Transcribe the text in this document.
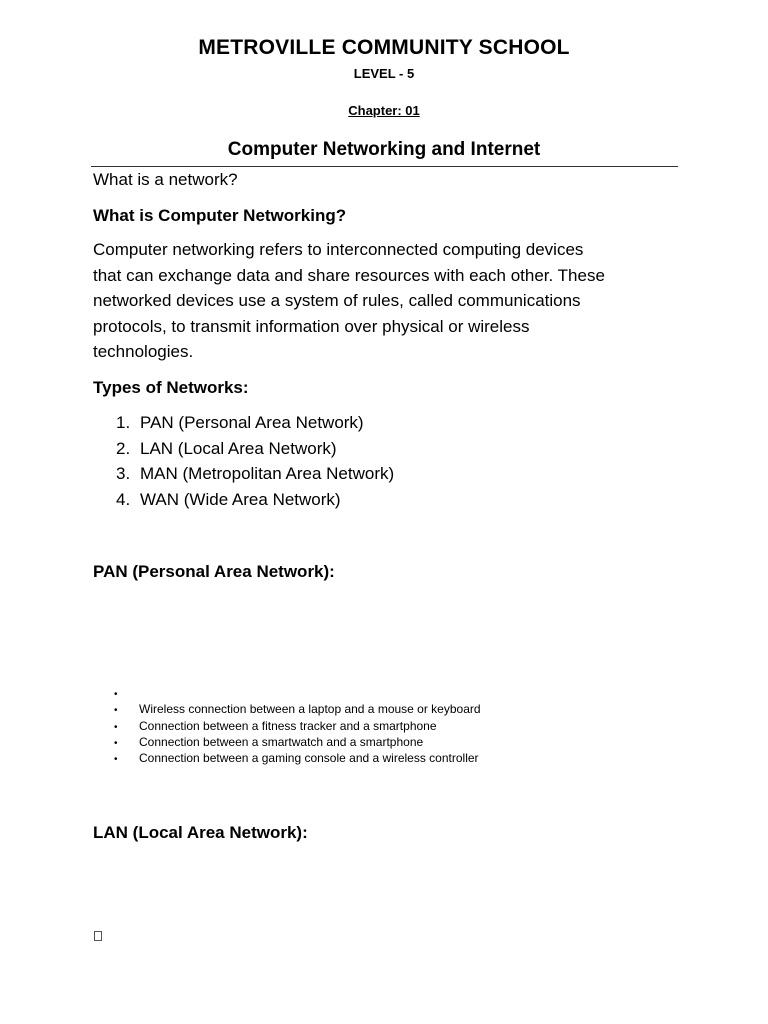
METROVILLE COMMUNITY SCHOOL
LEVEL - 5
Chapter: 01
Computer Networking and Internet
What is a network?
What is Computer Networking?
Computer networking refers to interconnected computing devices
that can exchange data and share resources with each other. These
networked devices use a system of rules, called communications
protocols, to transmit information over physical or wireless
technologies.
Types of Networks:
1. PAN (Personal Area Network)
2. LAN (Local Area Network)
3. MAN (Metropolitan Area Network)
4. WAN (Wide Area Network)
PAN (Personal Area Network):
•
• Wireless connection between a laptop and a mouse or keyboard
• Connection between a fitness tracker and a smartphone
• Connection between a smartwatch and a smartphone
• Connection between a gaming console and a wireless controller
LAN (Local Area Network):
